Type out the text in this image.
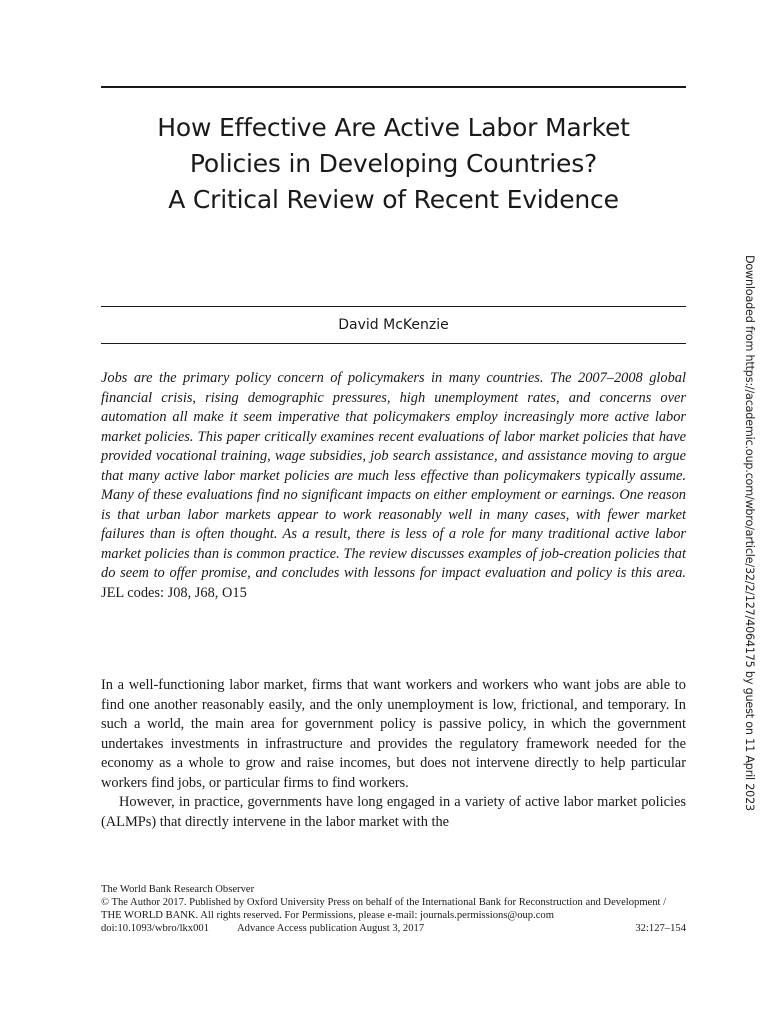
How Effective Are Active Labor Market
Policies in Developing Countries?
A Critical Review of Recent Evidence
David McKenzie

Jobs are the primary policy concern of policymakers in many countries. The 2007–2008 global financial crisis, rising demographic pressures, high unemployment rates, and concerns over automation all make it seem imperative that policymakers employ increasingly more active labor market policies. This paper critically examines recent evaluations of labor market policies that have provided vocational training, wage subsidies, job search assistance, and assistance moving to argue that many active labor market policies are much less effective than policymakers typically assume. Many of these evaluations find no significant impacts on either employment or earnings. One reason is that urban labor markets appear to work reasonably well in many cases, with fewer market failures than is often thought. As a result, there is less of a role for many traditional active labor market policies than is common practice. The review discusses examples of job-creation policies that do seem to offer promise, and concludes with lessons for impact evaluation and policy is this area. JEL codes: J08, J68, O15

In a well-functioning labor market, firms that want workers and workers who want jobs are able to find one another reasonably easily, and the only unemployment is low, frictional, and temporary. In such a world, the main area for government policy is passive policy, in which the government undertakes investments in infrastructure and provides the regulatory framework needed for the economy as a whole to grow and raise incomes, but does not intervene directly to help particular workers find jobs, or particular firms to find workers.

However, in practice, governments have long engaged in a variety of active labor market policies (ALMPs) that directly intervene in the labor market with the

Downloaded from https://academic.oup.com/wbro/article/32/2/127/4064175 by guest on 11 April 2023
The World Bank Research Observer
© The Author 2017. Published by Oxford University Press on behalf of the International Bank for Reconstruction and Development / THE WORLD BANK. All rights reserved. For Permissions, please e-mail: journals.permissions@oup.com
doi:10.1093/wbro/lkx001	Advance Access publication August 3, 2017	32:127–154
